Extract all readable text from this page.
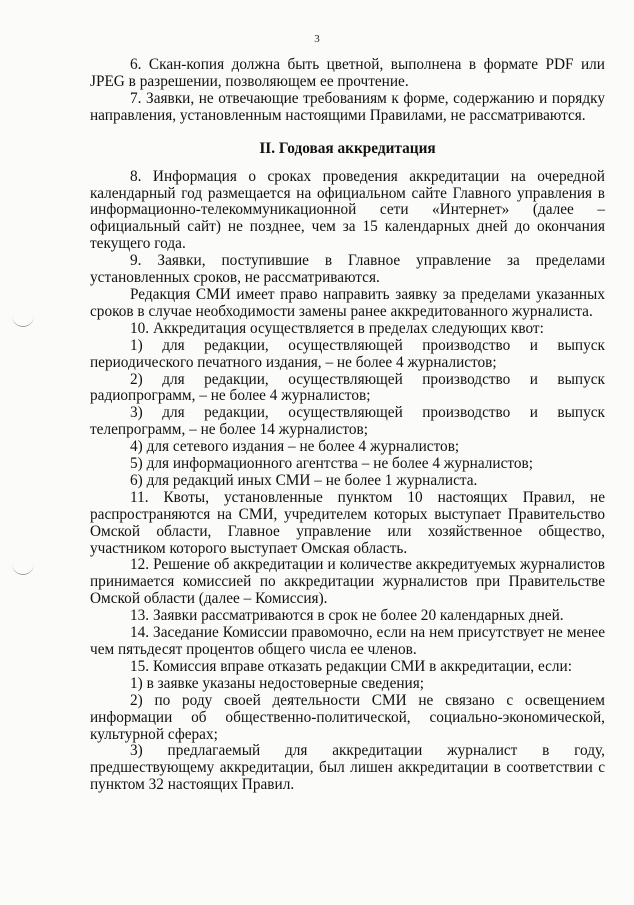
3

6. Скан-копия должна быть цветной, выполнена в формате PDF или JPEG в разрешении, позволяющем ее прочтение.

7. Заявки, не отвечающие требованиям к форме, содержанию и порядку направления, установленным настоящими Правилами, не рассматриваются.

II. Годовая аккредитация

8. Информация о сроках проведения аккредитации на очередной календарный год размещается на официальном сайте Главного управления в информационно-телекоммуникационной сети «Интернет» (далее – официальный сайт) не позднее, чем за 15 календарных дней до окончания текущего года.

9. Заявки, поступившие в Главное управление за пределами установленных сроков, не рассматриваются.

Редакция СМИ имеет право направить заявку за пределами указанных сроков в случае необходимости замены ранее аккредитованного журналиста.

10. Аккредитация осуществляется в пределах следующих квот:

1) для редакции, осуществляющей производство и выпуск периодического печатного издания, – не более 4 журналистов;

2) для редакции, осуществляющей производство и выпуск радиопрограмм, – не более 4 журналистов;

3) для редакции, осуществляющей производство и выпуск телепрограмм, – не более 14 журналистов;

4) для сетевого издания – не более 4 журналистов;

5) для информационного агентства – не более 4 журналистов;

6) для редакций иных СМИ – не более 1 журналиста.

11. Квоты, установленные пунктом 10 настоящих Правил, не распространяются на СМИ, учредителем которых выступает Правительство Омской области, Главное управление или хозяйственное общество, участником которого выступает Омская область.

12. Решение об аккредитации и количестве аккредитуемых журналистов принимается комиссией по аккредитации журналистов при Правительстве Омской области (далее – Комиссия).

13. Заявки рассматриваются в срок не более 20 календарных дней.

14. Заседание Комиссии правомочно, если на нем присутствует не менее чем пятьдесят процентов общего числа ее членов.

15. Комиссия вправе отказать редакции СМИ в аккредитации, если:

1) в заявке указаны недостоверные сведения;

2) по роду своей деятельности СМИ не связано с освещением информации об общественно-политической, социально-экономической, культурной сферах;

3) предлагаемый для аккредитации журналист в году, предшествующему аккредитации, был лишен аккредитации в соответствии с пунктом 32 настоящих Правил.
